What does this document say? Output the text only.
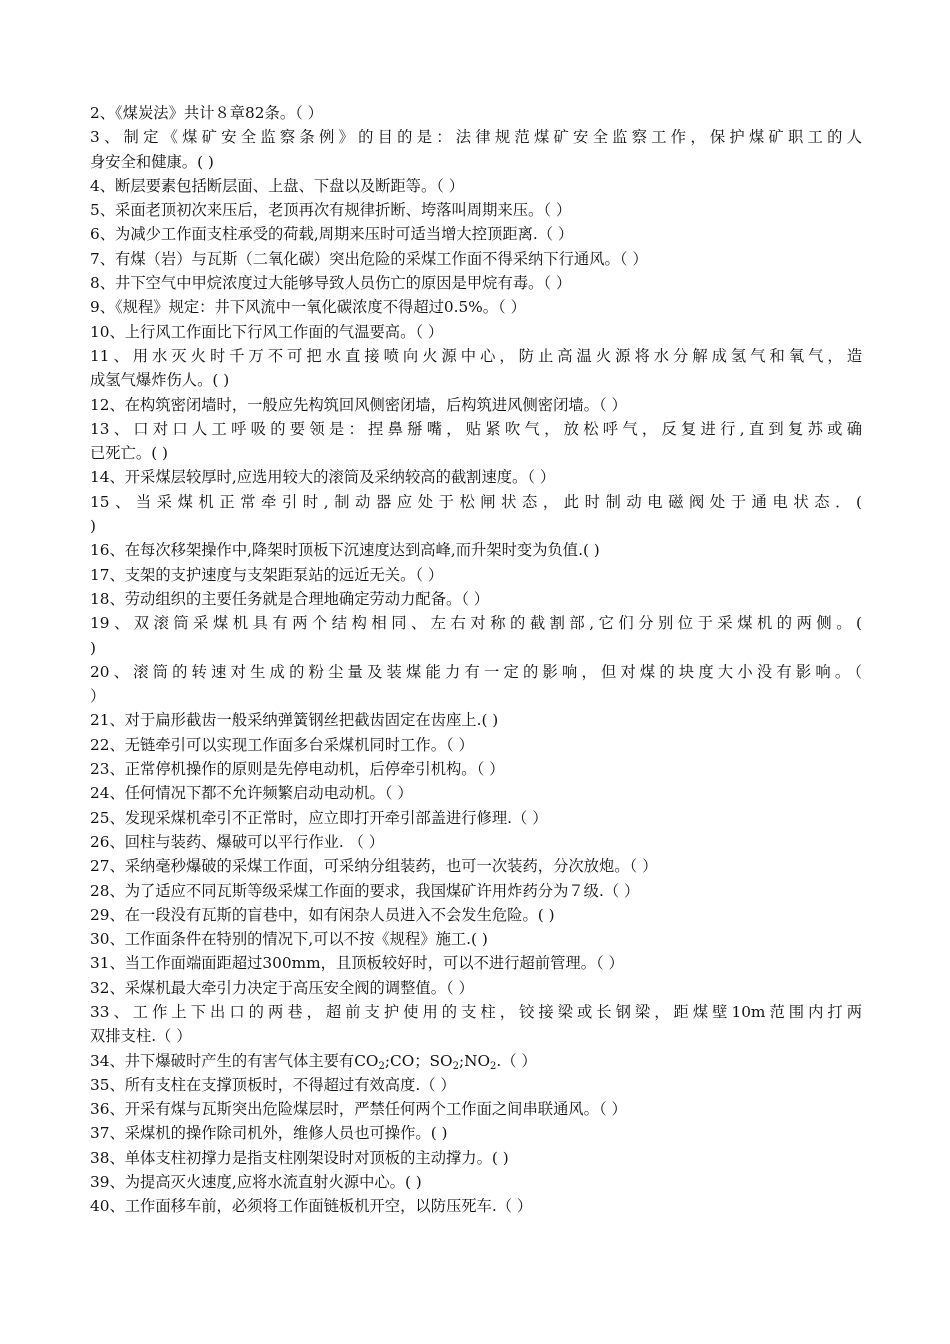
2、《煤炭法》共计８章82条。（ ）
3、制定《煤矿安全监察条例》的目的是：法律规范煤矿安全监察工作，保护煤矿职工的人
身安全和健康。( )
4、断层要素包括断层面、上盘、下盘以及断距等。（ ）
5、采面老顶初次来压后，老顶再次有规律折断、垮落叫周期来压。（ ）
6、为减少工作面支柱承受的荷载,周期来压时可适当增大控顶距离.（ ）
7、有煤（岩）与瓦斯（二氧化碳）突出危险的采煤工作面不得采纳下行通风。（ ）
8、井下空气中甲烷浓度过大能够导致人员伤亡的原因是甲烷有毒。（ ）
9、《规程》规定：井下风流中一氧化碳浓度不得超过0.5%。（ ）
10、上行风工作面比下行风工作面的气温要高。（ ）
11、用水灭火时千万不可把水直接喷向火源中心，防止高温火源将水分解成氢气和氧气，造
成氢气爆炸伤人。( )
12、在构筑密闭墙时，一般应先构筑回风侧密闭墙，后构筑进风侧密闭墙。（ ）
13、口对口人工呼吸的要领是：捏鼻掰嘴，贴紧吹气，放松呼气，反复进行,直到复苏或确
已死亡。( )
14、开采煤层较厚时,应选用较大的滚筒及采纳较高的截割速度。（ ）
15、当采煤机正常牵引时,制动器应处于松闸状态，此时制动电磁阀处于通电状态．(
)
16、在每次移架操作中,降架时顶板下沉速度达到高峰,而升架时变为负值.( )
17、支架的支护速度与支架距泵站的远近无关。（ ）
18、劳动组织的主要任务就是合理地确定劳动力配备。（ ）
19、双滚筒采煤机具有两个结构相同、左右对称的截割部,它们分别位于采煤机的两侧。(
)
20、滚筒的转速对生成的粉尘量及装煤能力有一定的影响，但对煤的块度大小没有影响。（
）
21、对于扁形截齿一般采纳弹簧钢丝把截齿固定在齿座上.( )
22、无链牵引可以实现工作面多台采煤机同时工作。（ ）
23、正常停机操作的原则是先停电动机，后停牵引机构。（ ）
24、任何情况下都不允许频繁启动电动机。（ ）
25、发现采煤机牵引不正常时，应立即打开牵引部盖进行修理.（ ）
26、回柱与装药、爆破可以平行作业. （ ）
27、采纳毫秒爆破的采煤工作面，可采纳分组装药，也可一次装药，分次放炮。（ ）
28、为了适应不同瓦斯等级采煤工作面的要求，我国煤矿许用炸药分为７级.（ ）
29、在一段没有瓦斯的盲巷中，如有闲杂人员进入不会发生危险。( )
30、工作面条件在特别的情况下,可以不按《规程》施工.( )
31、当工作面端面距超过300mm，且顶板较好时，可以不进行超前管理。（ ）
32、采煤机最大牵引力决定于高压安全阀的调整值。（ ）
33、工作上下出口的两巷，超前支护使用的支柱，铰接梁或长钢梁，距煤壁10m范围内打两
双排支柱.（ ）
34、井下爆破时产生的有害气体主要有$CO_2;CO$；$SO_2;NO_2$.（ ）
35、所有支柱在支撑顶板时，不得超过有效高度.（ ）
36、开采有煤与瓦斯突出危险煤层时，严禁任何两个工作面之间串联通风。（ ）
37、采煤机的操作除司机外，维修人员也可操作。( )
38、单体支柱初撑力是指支柱刚架设时对顶板的主动撑力。( )
39、为提高灭火速度,应将水流直射火源中心。( )
40、工作面移车前，必须将工作面链板机开空，以防压死车.（ ）
